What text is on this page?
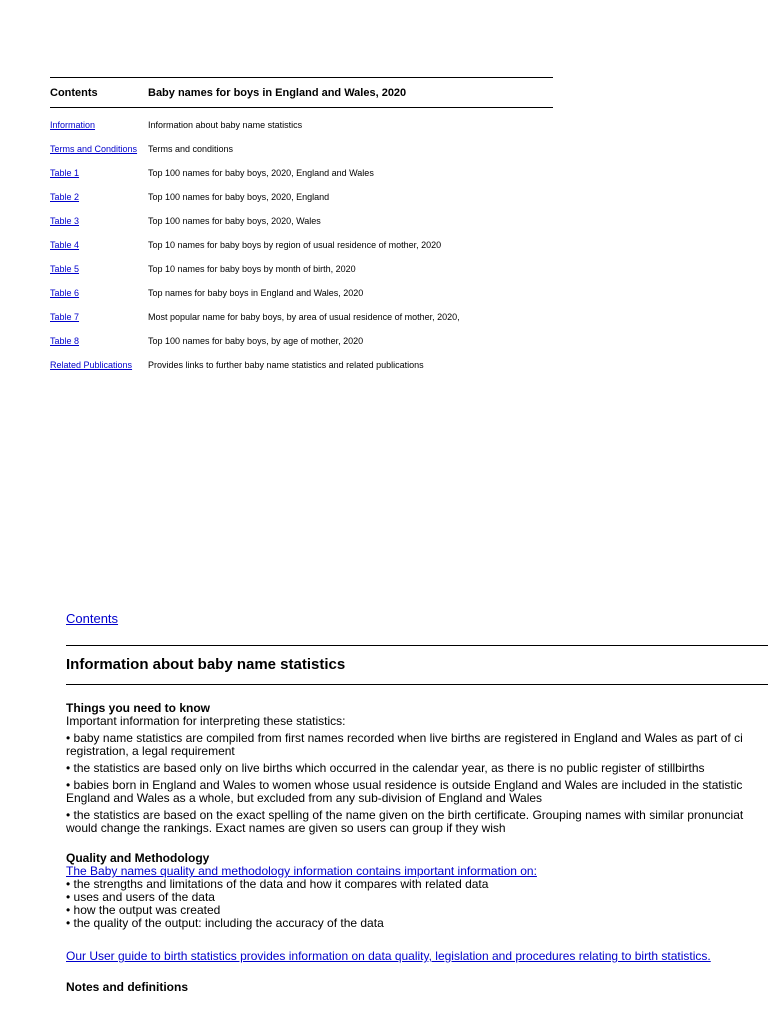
Contents	Baby names for boys in England and Wales, 2020
Information	Information about baby name statistics
Terms and Conditions	Terms and conditions
Table 1	Top 100 names for baby boys, 2020, England and Wales
Table 2	Top 100 names for baby boys, 2020, England
Table 3	Top 100 names for baby boys, 2020, Wales
Table 4	Top 10 names for baby boys by region of usual residence of mother, 2020
Table 5	Top 10 names for baby boys by month of birth, 2020
Table 6	Top names for baby boys in England and Wales, 2020
Table 7	Most popular name for baby boys, by area of usual residence of mother, 2020,
Table 8	Top 100 names for baby boys, by age of mother, 2020
Related Publications	Provides links to further baby name statistics and related publications
Contents
Information about baby name statistics
Things you need to know
Important information for interpreting these statistics:
• baby name statistics are compiled from first names recorded when live births are registered in England and Wales as part of ci
registration, a legal requirement
• the statistics are based only on live births which occurred in the calendar year, as there is no public register of stillbirths
• babies born in England and Wales to women whose usual residence is outside England and Wales are included in the statistic
England and Wales as a whole, but excluded from any sub-division of England and Wales
• the statistics are based on the exact spelling of the name given on the birth certificate. Grouping names with similar pronunciat
would change the rankings. Exact names are given so users can group if they wish
Quality and Methodology
The Baby names quality and methodology information contains important information on:
• the strengths and limitations of the data and how it compares with related data
• uses and users of the data
• how the output was created
• the quality of the output: including the accuracy of the data
Our User guide to birth statistics provides information on data quality, legislation and procedures relating to birth statistics.
Notes and definitions
